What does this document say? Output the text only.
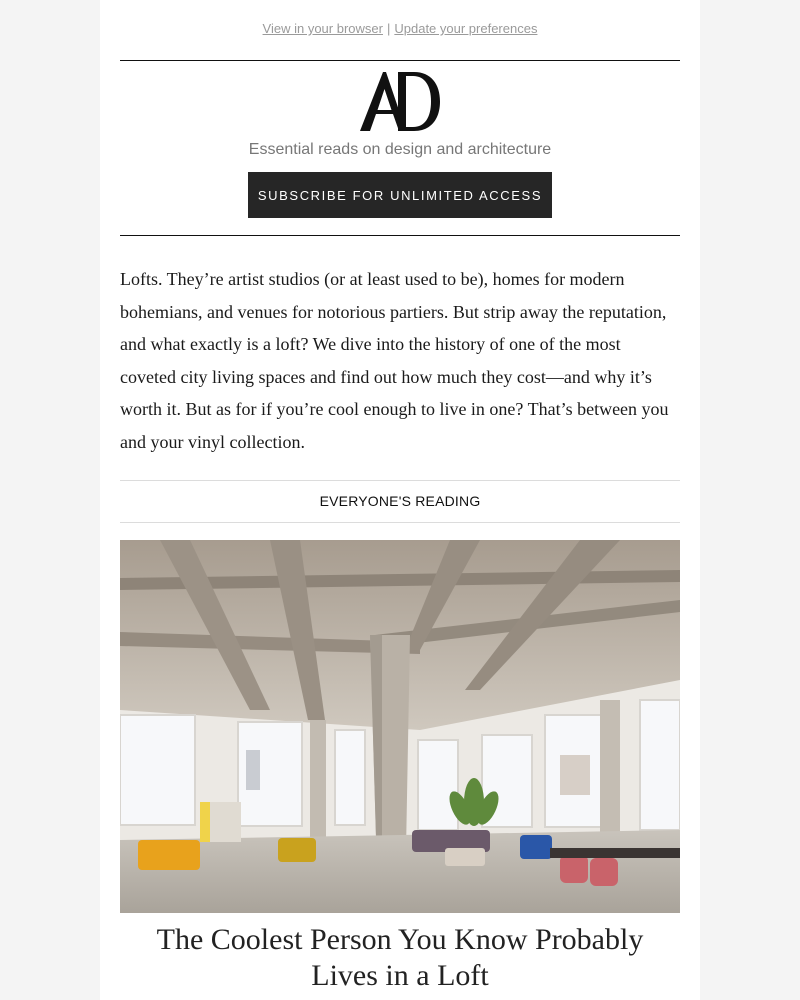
View in your browser | Update your preferences
Essential reads on design and architecture
SUBSCRIBE FOR UNLIMITED ACCESS

Lofts. They’re artist studios (or at least used to be), homes for modern bohemians, and venues for notorious partiers. But strip away the reputation, and what exactly is a loft? We dive into the history of one of the most coveted city living spaces and find out how much they cost—and why it’s worth it. But as for if you’re cool enough to live in one? That’s between you and your vinyl collection.

EVERYONE'S READING
The Coolest Person You Know Probably Lives in a Loft
